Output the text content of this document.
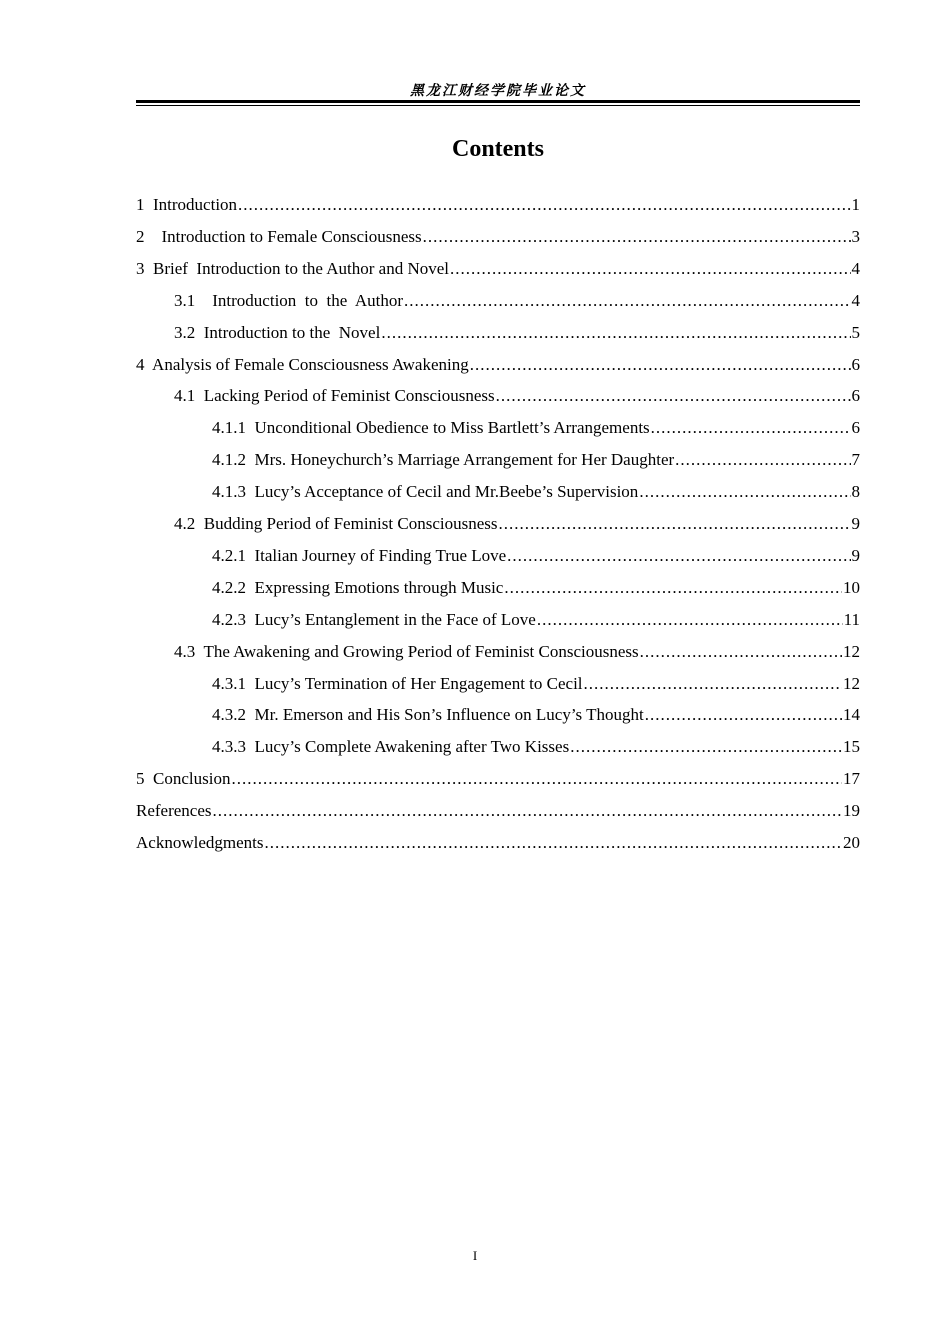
黑龙江财经学院毕业论文
Contents
1  Introduction .....	1
2    Introduction to Female Consciousness .....	3
3  Brief  Introduction to the Author and Novel .....	4
3.1    Introduction  to  the  Author .....	4
3.2  Introduction to the  Novel .....	5
4  Analysis of Female Consciousness Awakening .....	6
4.1  Lacking Period of Feminist Consciousness .....	6
4.1.1  Unconditional Obedience to Miss Bartlett’s Arrangements .....	6
4.1.2  Mrs. Honeychurch’s Marriage Arrangement for Her Daughter .....	7
4.1.3  Lucy’s Acceptance of Cecil and Mr.Beebe’s Supervision .....	8
4.2  Budding Period of Feminist Consciousness .....	9
4.2.1  Italian Journey of Finding True Love .....	9
4.2.2  Expressing Emotions through Music .....	10
4.2.3  Lucy’s Entanglement in the Face of Love .....	11
4.3  The Awakening and Growing Period of Feminist Consciousness .....	12
4.3.1  Lucy’s Termination of Her Engagement to Cecil .....	12
4.3.2  Mr. Emerson and His Son’s Influence on Lucy’s Thought .....	14
4.3.3  Lucy’s Complete Awakening after Two Kisses .....	15
5  Conclusion .....	17
References .....	19
Acknowledgments .....	20
I
